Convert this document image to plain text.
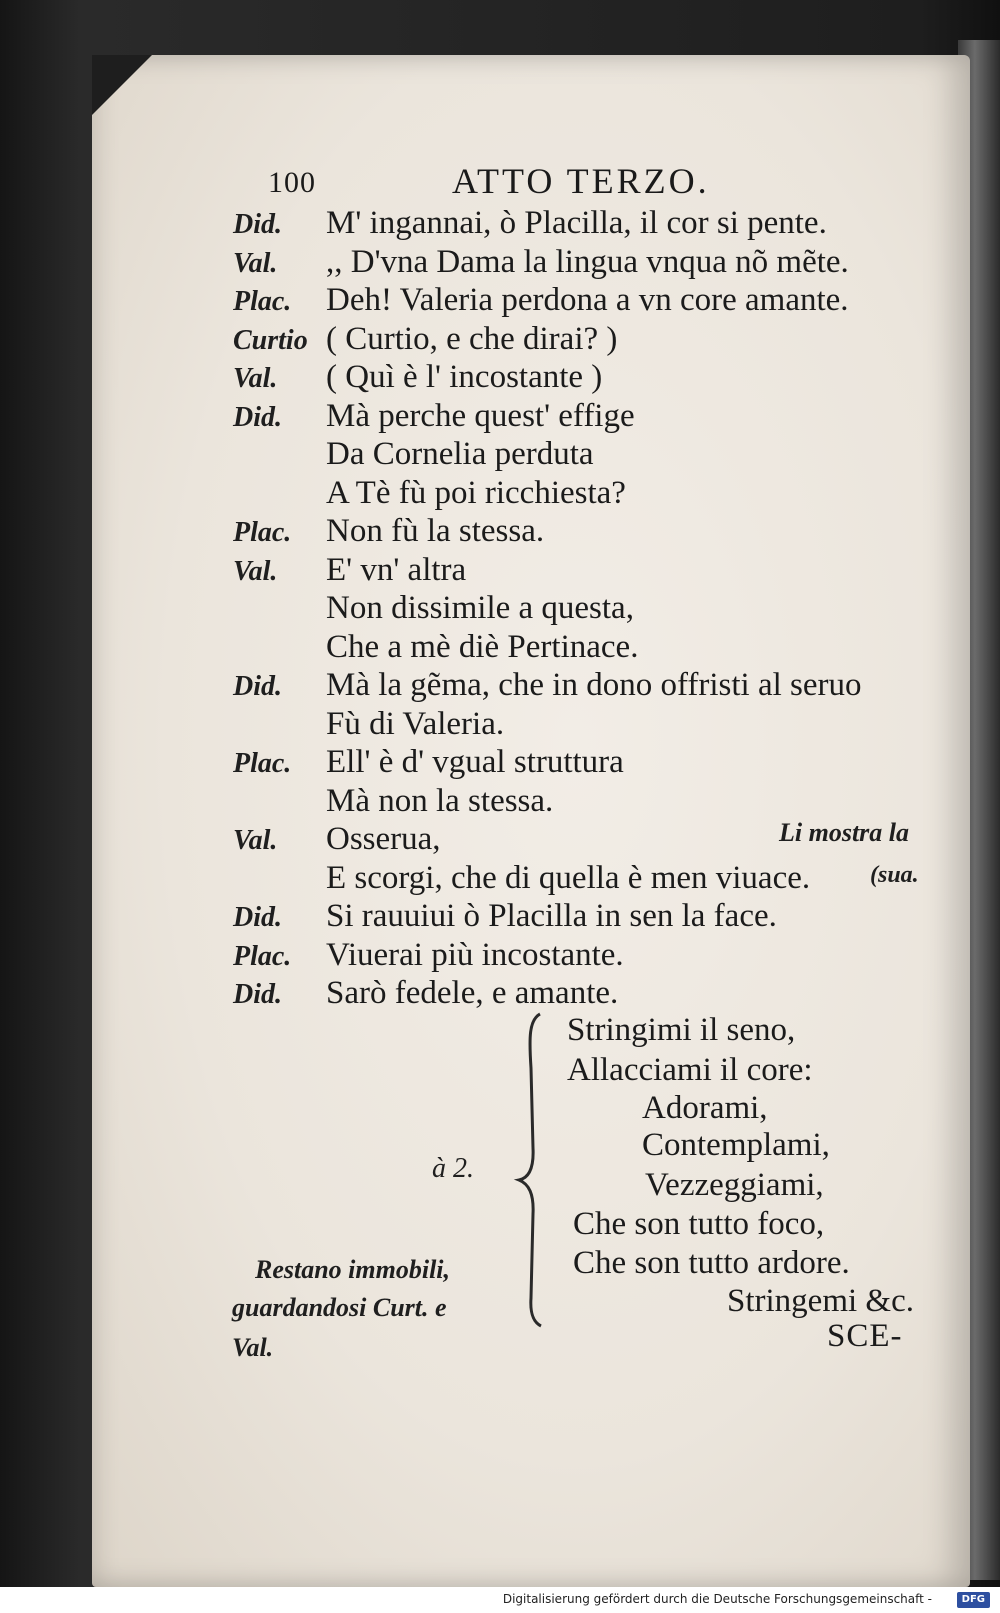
100	ATTO TERZO.
Did. M' ingannai, ò Placilla, il cor si pente.
Val. ,, D'vna Dama la lingua vnqua nõ mẽte.
Plac. Deh! Valeria perdona a vn core amante.
Curtio ( Curtio, e che dirai? )
Val. ( Quì è l' incostante )
Did. Mà perche quest' effige
Da Cornelia perduta
A Tè fù poi ricchiesta?
Plac. Non fù la stessa.
Val. E' vn' altra
Non dissimile a questa,
Che a mè diè Pertinace.
Did. Mà la gẽma, che in dono offristi al seruo
Fù di Valeria.
Plac. Ell' è d' vgual struttura
Mà non la stessa.
Val. Osserua,
E scorgi, che di quella è men viuace.
Did. Si rauuiui ò Placilla in sen la face.
Plac. Viuerai più incostante.
Did. Sarò fedele, e amante.
Li mostra la
(sua.
à 2.
Stringimi il seno,
Allacciami il core:
Adorami,
Contemplami,
Vezzeggiami,
Che son tutto foco,
Che son tutto ardore.
Stringemi &c.
Restano immobili,
guardandosi Curt. e
Val.	SCE-
Digitalisierung gefördert durch die Deutsche Forschungsgemeinschaft -	DFG
